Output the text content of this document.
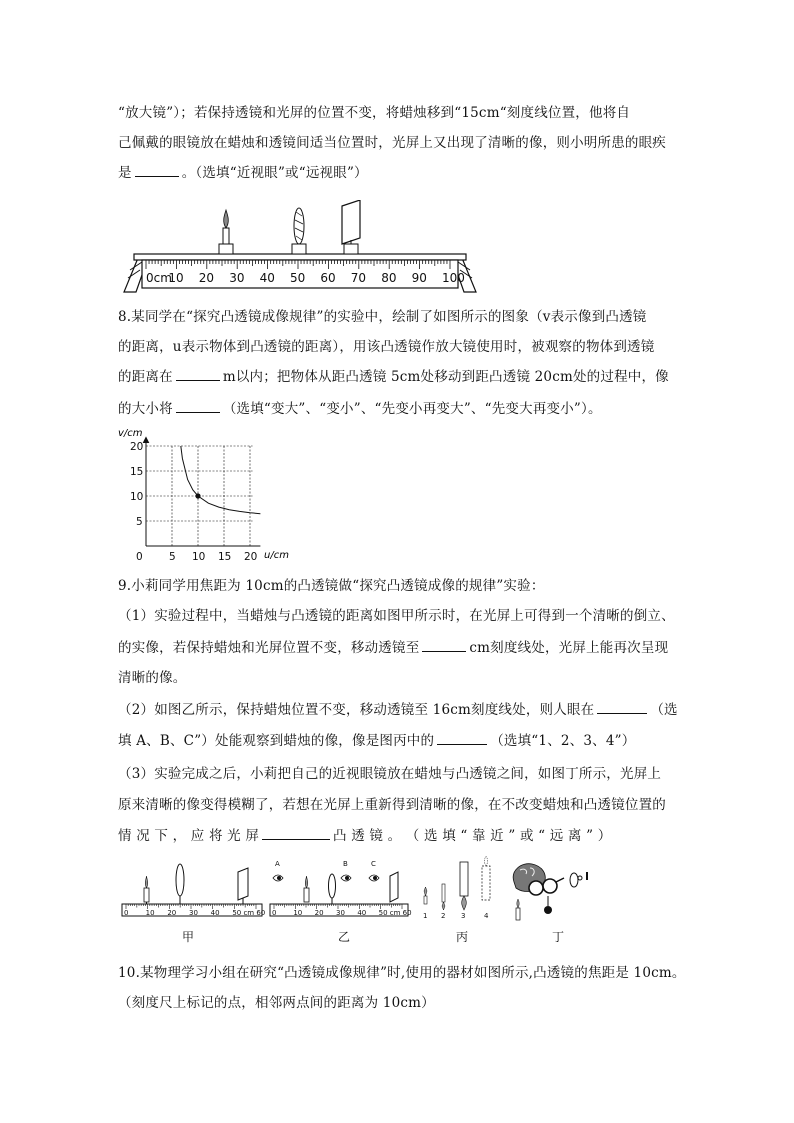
“放大镜”）；若保持透镜和光屏的位置不变，将蜡烛移到“15cm“刻度线位置，他将自
己佩戴的眼镜放在蜡烛和透镜间适当位置时，光屏上又出现了清晰的像，则小明所患的眼疾
是	。（选填“近视眼”或“远视眼”）
0cm
10 20 30 40 50 60 70 80 90 100
8.某同学在“探究凸透镜成像规律”的实验中，绘制了如图所示的图象（v表示像到凸透镜
的距离，u表示物体到凸透镜的距离），用该凸透镜作放大镜使用时，被观察的物体到透镜
的距离在	m以内；把物体从距凸透镜 5cm处移动到距凸透镜 20cm处的过程中，像
的大小将	（选填“变大”、“变小”、“先变小再变大”、“先变大再变小”）。
0	5 10 15 20
5
10
15
20
v/cm
u/cm
9.小莉同学用焦距为 10cm的凸透镜做“探究凸透镜成像的规律”实验：
（1）实验过程中，当蜡烛与凸透镜的距离如图甲所示时，在光屏上可得到一个清晰的倒立、
的实像，若保持蜡烛和光屏位置不变，移动透镜至	cm刻度线处，光屏上能再次呈现
清晰的像。
（2）如图乙所示，保持蜡烛位置不变，移动透镜至 16cm刻度线处，则人眼在	（选
填 A、B、C”）处能观察到蜡烛的像，像是图丙中的	（选填“1、2、3、4”）
（3）实验完成之后，小莉把自己的近视眼镜放在蜡烛与凸透镜之间，如图丁所示，光屏上
原来清晰的像变得模糊了，若想在光屏上重新得到清晰的像，在不改变蜡烛和凸透镜位置的
情 况 下 ， 应 将 光 屏	凸 透 镜 。 （ 选 填 “ 靠 近 ” 或 “ 远 离 ” ）
0 10 20 30 40 50 cm 60 0 10 20 30 40 50 cm 60
A	B	C
1 2 3	4
甲	乙	丙	丁
10.某物理学习小组在研究“凸透镜成像规律”时,使用的器材如图所示,凸透镜的焦距是 10cm。
（刻度尺上标记的点，相邻两点间的距离为 10cm）
